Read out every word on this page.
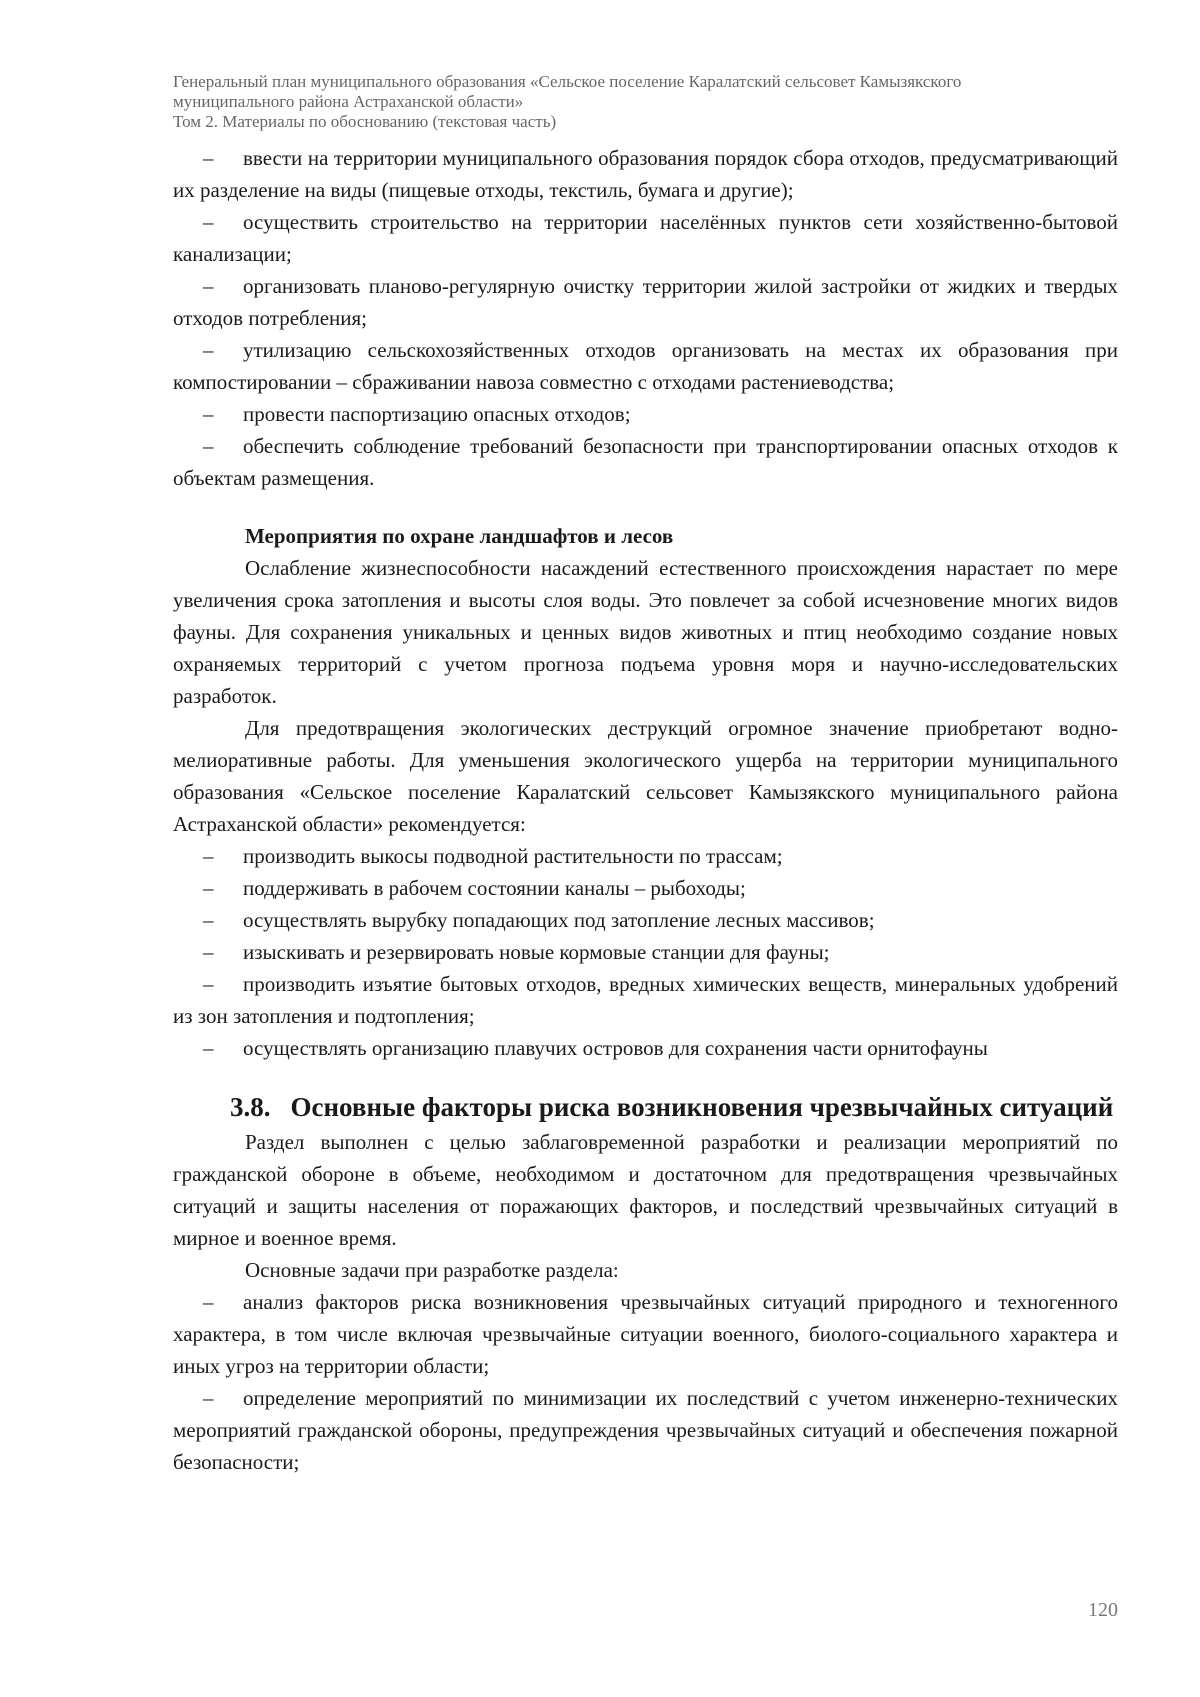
Генеральный план муниципального образования «Сельское поселение Каралатский сельсовет Камызякского
муниципального района Астраханской области»
Том 2. Материалы по обоснованию (текстовая часть)

– ввести на территории муниципального образования порядок сбора отходов, предусматривающий их разделение на виды (пищевые отходы, текстиль, бумага и другие);

– осуществить строительство на территории населённых пунктов сети хозяйственно-бытовой канализации;

– организовать планово-регулярную очистку территории жилой застройки от жидких и твердых отходов потребления;

– утилизацию сельскохозяйственных отходов организовать на местах их образования при компостировании – сбраживании навоза совместно с отходами растениеводства;

– провести паспортизацию опасных отходов;

– обеспечить соблюдение требований безопасности при транспортировании опасных отходов к объектам размещения.

Мероприятия по охране ландшафтов и лесов

Ослабление жизнеспособности насаждений естественного происхождения нарастает по мере увеличения срока затопления и высоты слоя воды. Это повлечет за собой исчезновение многих видов фауны. Для сохранения уникальных и ценных видов животных и птиц необходимо создание новых охраняемых территорий с учетом прогноза подъема уровня моря и научно-исследовательских разработок.

Для предотвращения экологических деструкций огромное значение приобретают водно-мелиоративные работы. Для уменьшения экологического ущерба на территории муниципального образования «Сельское поселение Каралатский сельсовет Камызякского муниципального района Астраханской области» рекомендуется:

– производить выкосы подводной растительности по трассам;

– поддерживать в рабочем состоянии каналы – рыбоходы;

– осуществлять вырубку попадающих под затопление лесных массивов;

– изыскивать и резервировать новые кормовые станции для фауны;

– производить изъятие бытовых отходов, вредных химических веществ, минеральных удобрений из зон затопления и подтопления;

– осуществлять организацию плавучих островов для сохранения части орнитофауны

3.8. Основные факторы риска возникновения чрезвычайных ситуаций

Раздел выполнен с целью заблаговременной разработки и реализации мероприятий по гражданской обороне в объеме, необходимом и достаточном для предотвращения чрезвычайных ситуаций и защиты населения от поражающих факторов, и последствий чрезвычайных ситуаций в мирное и военное время.

Основные задачи при разработке раздела:

– анализ факторов риска возникновения чрезвычайных ситуаций природного и техногенного характера, в том числе включая чрезвычайные ситуации военного, биолого-социального характера и иных угроз на территории области;

– определение мероприятий по минимизации их последствий с учетом инженерно-технических мероприятий гражданской обороны, предупреждения чрезвычайных ситуаций и обеспечения пожарной безопасности;

120
